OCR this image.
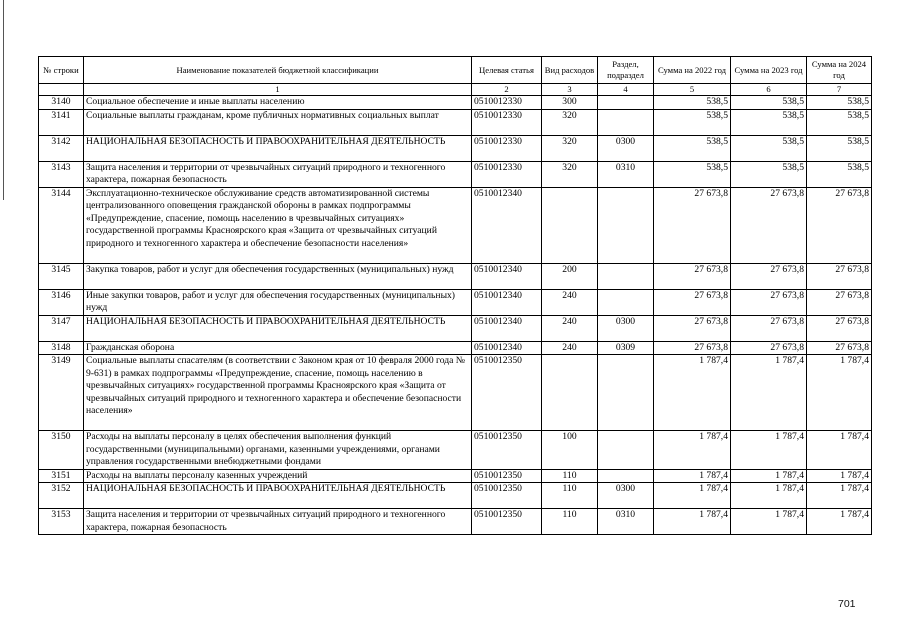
№ строки	Наименование показателей бюджетной классификации	Целевая статья	Вид расходов	Раздел, подраздел	Сумма на 2022 год	Сумма на 2023 год	Сумма на 2024 год
	1	2	3	4	5	6	7
3140	Социальное обеспечение и иные выплаты населению	0510012330	300		538,5	538,5	538,5
3141	Социальные выплаты гражданам, кроме публичных нормативных социальных выплат	0510012330	320		538,5	538,5	538,5
3142	НАЦИОНАЛЬНАЯ БЕЗОПАСНОСТЬ И ПРАВООХРАНИТЕЛЬНАЯ ДЕЯТЕЛЬНОСТЬ	0510012330	320	0300	538,5	538,5	538,5
3143	Защита населения и территории от чрезвычайных ситуаций природного и техногенного характера, пожарная безопасность	0510012330	320	0310	538,5	538,5	538,5
3144	Эксплуатационно-техническое обслуживание средств автоматизированной системы централизованного оповещения гражданской обороны в рамках подпрограммы «Предупреждение, спасение, помощь населению в чрезвычайных ситуациях» государственной программы Красноярского края «Защита от чрезвычайных ситуаций природного и техногенного характера и обеспечение безопасности населения»	0510012340			27 673,8	27 673,8	27 673,8
3145	Закупка товаров, работ и услуг для обеспечения государственных (муниципальных) нужд	0510012340	200		27 673,8	27 673,8	27 673,8
3146	Иные закупки товаров, работ и услуг для обеспечения государственных (муниципальных) нужд	0510012340	240		27 673,8	27 673,8	27 673,8
3147	НАЦИОНАЛЬНАЯ БЕЗОПАСНОСТЬ И ПРАВООХРАНИТЕЛЬНАЯ ДЕЯТЕЛЬНОСТЬ	0510012340	240	0300	27 673,8	27 673,8	27 673,8
3148	Гражданская оборона	0510012340	240	0309	27 673,8	27 673,8	27 673,8
3149	Социальные выплаты спасателям (в соответствии с Законом края от 10 февраля 2000 года № 9-631) в рамках подпрограммы «Предупреждение, спасение, помощь населению в чрезвычайных ситуациях» государственной программы Красноярского края «Защита от чрезвычайных ситуаций природного и техногенного характера и обеспечение безопасности населения»	0510012350			1 787,4	1 787,4	1 787,4
3150	Расходы на выплаты персоналу в целях обеспечения выполнения функций государственными (муниципальными) органами, казенными учреждениями, органами управления государственными внебюджетными фондами	0510012350	100		1 787,4	1 787,4	1 787,4
3151	Расходы на выплаты персоналу казенных учреждений	0510012350	110		1 787,4	1 787,4	1 787,4
3152	НАЦИОНАЛЬНАЯ БЕЗОПАСНОСТЬ И ПРАВООХРАНИТЕЛЬНАЯ ДЕЯТЕЛЬНОСТЬ	0510012350	110	0300	1 787,4	1 787,4	1 787,4
3153	Защита населения и территории от чрезвычайных ситуаций природного и техногенного характера, пожарная безопасность	0510012350	110	0310	1 787,4	1 787,4	1 787,4
701
